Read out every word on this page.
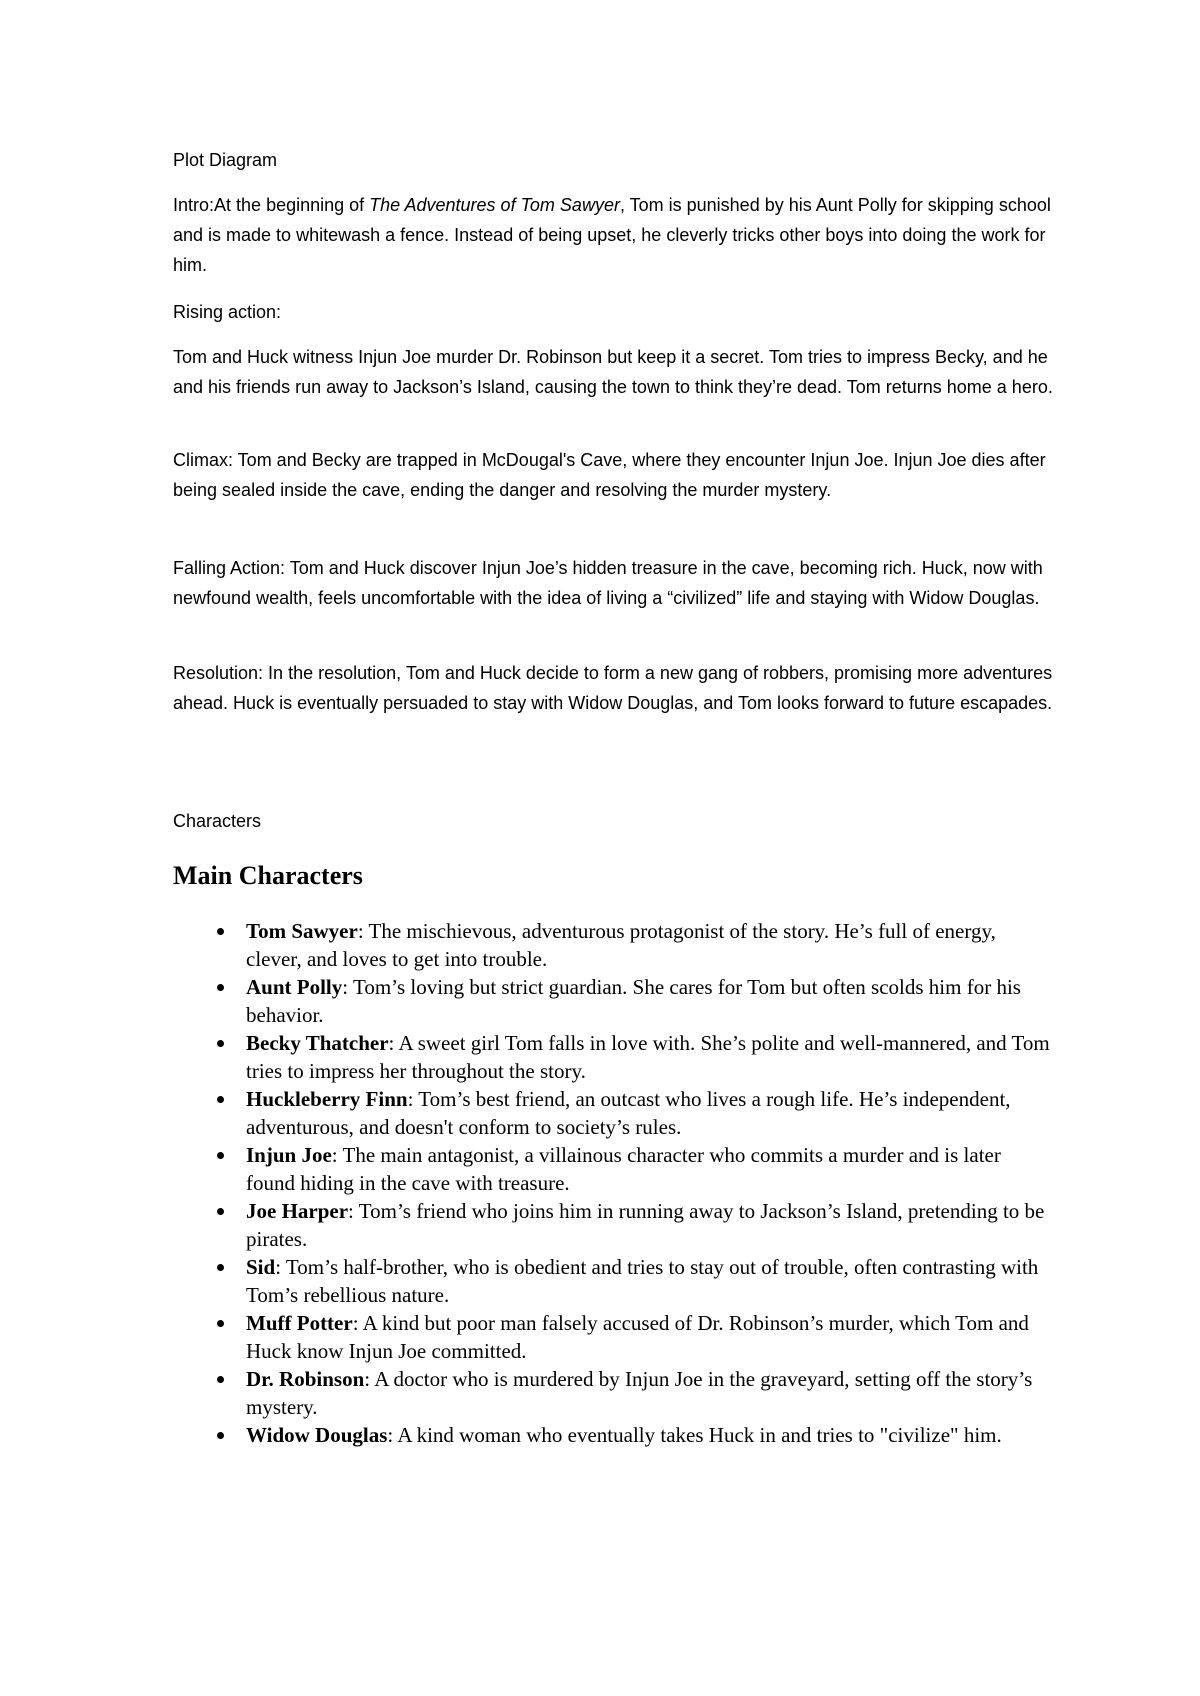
Plot Diagram

Intro:At the beginning of The Adventures of Tom Sawyer, Tom is punished by his Aunt Polly for skipping school and is made to whitewash a fence. Instead of being upset, he cleverly tricks other boys into doing the work for him.

Rising action:

Tom and Huck witness Injun Joe murder Dr. Robinson but keep it a secret. Tom tries to impress Becky, and he and his friends run away to Jackson’s Island, causing the town to think they’re dead. Tom returns home a hero.

Climax: Tom and Becky are trapped in McDougal's Cave, where they encounter Injun Joe. Injun Joe dies after being sealed inside the cave, ending the danger and resolving the murder mystery.

Falling Action: Tom and Huck discover Injun Joe’s hidden treasure in the cave, becoming rich. Huck, now with newfound wealth, feels uncomfortable with the idea of living a “civilized” life and staying with Widow Douglas.

Resolution: In the resolution, Tom and Huck decide to form a new gang of robbers, promising more adventures ahead. Huck is eventually persuaded to stay with Widow Douglas, and Tom looks forward to future escapades.

Characters

Main Characters
Tom Sawyer: The mischievous, adventurous protagonist of the story. He’s full of energy, clever, and loves to get into trouble.
Aunt Polly: Tom’s loving but strict guardian. She cares for Tom but often scolds him for his behavior.
Becky Thatcher: A sweet girl Tom falls in love with. She’s polite and well-mannered, and Tom tries to impress her throughout the story.
Huckleberry Finn: Tom’s best friend, an outcast who lives a rough life. He’s independent, adventurous, and doesn't conform to society’s rules.
Injun Joe: The main antagonist, a villainous character who commits a murder and is later found hiding in the cave with treasure.
Joe Harper: Tom’s friend who joins him in running away to Jackson’s Island, pretending to be pirates.
Sid: Tom’s half-brother, who is obedient and tries to stay out of trouble, often contrasting with Tom’s rebellious nature.
Muff Potter: A kind but poor man falsely accused of Dr. Robinson’s murder, which Tom and Huck know Injun Joe committed.
Dr. Robinson: A doctor who is murdered by Injun Joe in the graveyard, setting off the story’s mystery.
Widow Douglas: A kind woman who eventually takes Huck in and tries to "civilize" him.
